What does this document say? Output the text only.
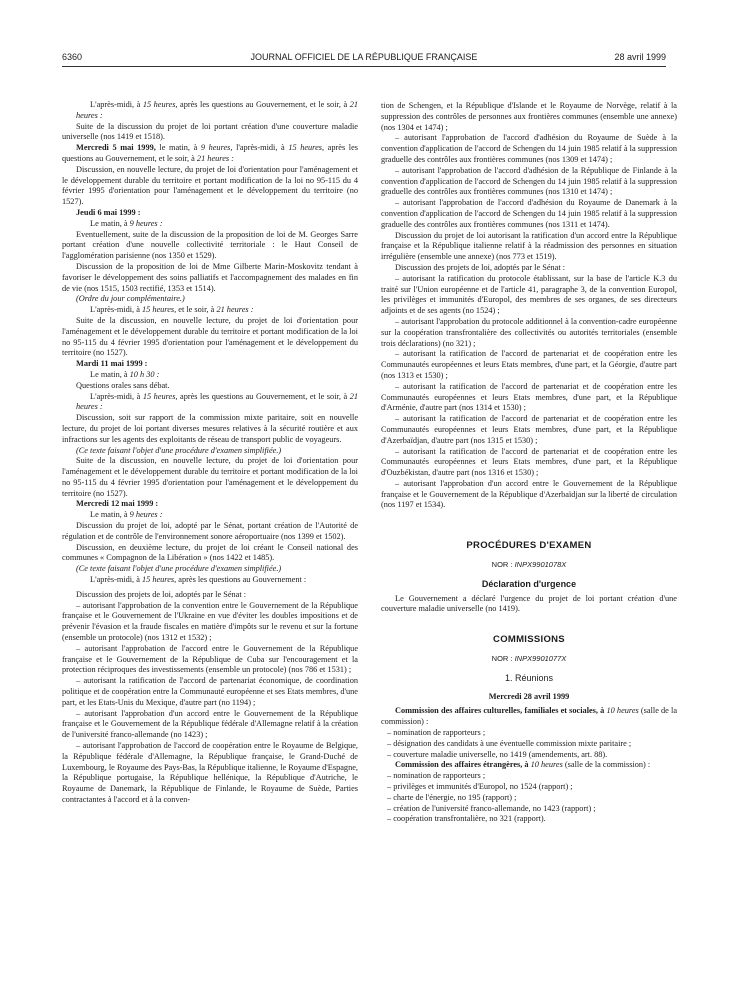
6360	JOURNAL OFFICIEL DE LA RÉPUBLIQUE FRANÇAISE	28 avril 1999

L'après-midi, à 15 heures, après les questions au Gouvernement, et le soir, à 21 heures :

Suite de la discussion du projet de loi portant création d'une couverture maladie universelle (nos 1419 et 1518).

Mercredi 5 mai 1999, le matin, à 9 heures, l'après-midi, à 15 heures, après les questions au Gouvernement, et le soir, à 21 heures :

Discussion, en nouvelle lecture, du projet de loi d'orientation pour l'aménagement et le développement durable du territoire et portant modification de la loi no 95-115 du 4 février 1995 d'orientation pour l'aménagement et le développement du territoire (no 1527).

Jeudi 6 mai 1999 :

Le matin, à 9 heures :

Eventuellement, suite de la discussion de la proposition de loi de M. Georges Sarre portant création d'une nouvelle collectivité territoriale : le Haut Conseil de l'agglomération parisienne (nos 1350 et 1529).

Discussion de la proposition de loi de Mme Gilberte Marin-Moskovitz tendant à favoriser le développement des soins palliatifs et l'accompagnement des malades en fin de vie (nos 1515, 1503 rectifié, 1353 et 1514).

(Ordre du jour complémentaire.)

L'après-midi, à 15 heures, et le soir, à 21 heures :

Suite de la discussion, en nouvelle lecture, du projet de loi d'orientation pour l'aménagement et le développement durable du territoire et portant modification de la loi no 95-115 du 4 février 1995 d'orientation pour l'aménagement et le développement du territoire (no 1527).

Mardi 11 mai 1999 :

Le matin, à 10 h 30 :

Questions orales sans débat.

L'après-midi, à 15 heures, après les questions au Gouvernement, et le soir, à 21 heures :

Discussion, soit sur rapport de la commission mixte paritaire, soit en nouvelle lecture, du projet de loi portant diverses mesures relatives à la sécurité routière et aux infractions sur les agents des exploitants de réseau de transport public de voyageurs.

(Ce texte faisant l'objet d'une procédure d'examen simplifiée.)

Suite de la discussion, en nouvelle lecture, du projet de loi d'orientation pour l'aménagement et le développement durable du territoire et portant modification de la loi no 95-115 du 4 février 1995 d'orientation pour l'aménagement et le développement du territoire (no 1527).

Mercredi 12 mai 1999 :

Le matin, à 9 heures :

Discussion du projet de loi, adopté par le Sénat, portant création de l'Autorité de régulation et de contrôle de l'environnement sonore aéroportuaire (nos 1399 et 1502).

Discussion, en deuxième lecture, du projet de loi créant le Conseil national des communes « Compagnon de la Libération » (nos 1422 et 1485).

(Ce texte faisant l'objet d'une procédure d'examen simplifiée.)

L'après-midi, à 15 heures, après les questions au Gouvernement :

Discussion des projets de loi, adoptés par le Sénat :

– autorisant l'approbation de la convention entre le Gouvernement de la République française et le Gouvernement de l'Ukraine en vue d'éviter les doubles impositions et de prévenir l'évasion et la fraude fiscales en matière d'impôts sur le revenu et sur la fortune (ensemble un protocole) (nos 1312 et 1532) ;

– autorisant l'approbation de l'accord entre le Gouvernement de la République française et le Gouvernement de la République de Cuba sur l'encouragement et la protection réciproques des investissements (ensemble un protocole) (nos 786 et 1531) ;

– autorisant la ratification de l'accord de partenariat économique, de coordination politique et de coopération entre la Communauté européenne et ses Etats membres, d'une part, et les Etats-Unis du Mexique, d'autre part (no 1194) ;

– autorisant l'approbation d'un accord entre le Gouvernement de la République française et le Gouvernement de la République fédérale d'Allemagne relatif à la création de l'université franco-allemande (no 1423) ;

– autorisant l'approbation de l'accord de coopération entre le Royaume de Belgique, la République fédérale d'Allemagne, la République française, le Grand-Duché de Luxembourg, le Royaume des Pays-Bas, la République italienne, le Royaume d'Espagne, la République portugaise, la République hellénique, la République d'Autriche, le Royaume de Danemark, la République de Finlande, le Royaume de Suède, Parties contractantes à l'accord et à la conven-

tion de Schengen, et la République d'Islande et le Royaume de Norvège, relatif à la suppression des contrôles de personnes aux frontières communes (ensemble une annexe)(nos 1304 et 1474) ;

– autorisant l'approbation de l'accord d'adhésion du Royaume de Suède à la convention d'application de l'accord de Schengen du 14 juin 1985 relatif à la suppression graduelle des contrôles aux frontières communes (nos 1309 et 1474) ;

– autorisant l'approbation de l'accord d'adhésion de la République de Finlande à la convention d'application de l'accord de Schengen du 14 juin 1985 relatif à la suppression graduelle des contrôles aux frontières communes (nos 1310 et 1474) ;

– autorisant l'approbation de l'accord d'adhésion du Royaume de Danemark à la convention d'application de l'accord de Schengen du 14 juin 1985 relatif à la suppression graduelle des contrôles aux frontières communes (nos 1311 et 1474).

Discussion du projet de loi autorisant la ratification d'un accord entre la République française et la République italienne relatif à la réadmission des personnes en situation irrégulière (ensemble une annexe) (nos 773 et 1519).

Discussion des projets de loi, adoptés par le Sénat :

– autorisant la ratification du protocole établissant, sur la base de l'article K.3 du traité sur l'Union européenne et de l'article 41, paragraphe 3, de la convention Europol, les privilèges et immunités d'Europol, des membres de ses organes, de ses directeurs adjoints et de ses agents (no 1524) ;

– autorisant l'approbation du protocole additionnel à la convention-cadre européenne sur la coopération transfrontalière des collectivités ou autorités territoriales (ensemble trois déclarations) (no 321) ;

– autorisant la ratification de l'accord de partenariat et de coopération entre les Communautés européennes et leurs Etats membres, d'une part, et la Géorgie, d'autre part (nos 1313 et 1530) ;

– autorisant la ratification de l'accord de partenariat et de coopération entre les Communautés européennes et leurs Etats membres, d'une part, et la République d'Arménie, d'autre part (nos 1314 et 1530) ;

– autorisant la ratification de l'accord de partenariat et de coopération entre les Communautés européennes et leurs Etats membres, d'une part, et la République d'Azerbaïdjan, d'autre part (nos 1315 et 1530) ;

– autorisant la ratification de l'accord de partenariat et de coopération entre les Communautés européennes et leurs Etats membres, d'une part, et la République d'Ouzbékistan, d'autre part (nos 1316 et 1530) ;

– autorisant l'approbation d'un accord entre le Gouvernement de la République française et le Gouvernement de la République d'Azerbaïdjan sur la liberté de circulation (nos 1197 et 1534).

PROCÉDURES D'EXAMEN

NOR : INPX9901078X

Déclaration d'urgence

Le Gouvernement a déclaré l'urgence du projet de loi portant création d'une couverture maladie universelle (no 1419).

COMMISSIONS

NOR : INPX9901077X

1. Réunions

Mercredi 28 avril 1999

Commission des affaires culturelles, familiales et sociales, à 10 heures (salle de la commission) :

– nomination de rapporteurs ;

– désignation des candidats à une éventuelle commission mixte paritaire ;

– couverture maladie universelle, no 1419 (amendements, art. 88).

Commission des affaires étrangères, à 10 heures (salle de la commission) :

– nomination de rapporteurs ;

– privilèges et immunités d'Europol, no 1524 (rapport) ;

– charte de l'énergie, no 195 (rapport) ;

– création de l'université franco-allemande, no 1423 (rapport) ;

– coopération transfrontalière, no 321 (rapport).
